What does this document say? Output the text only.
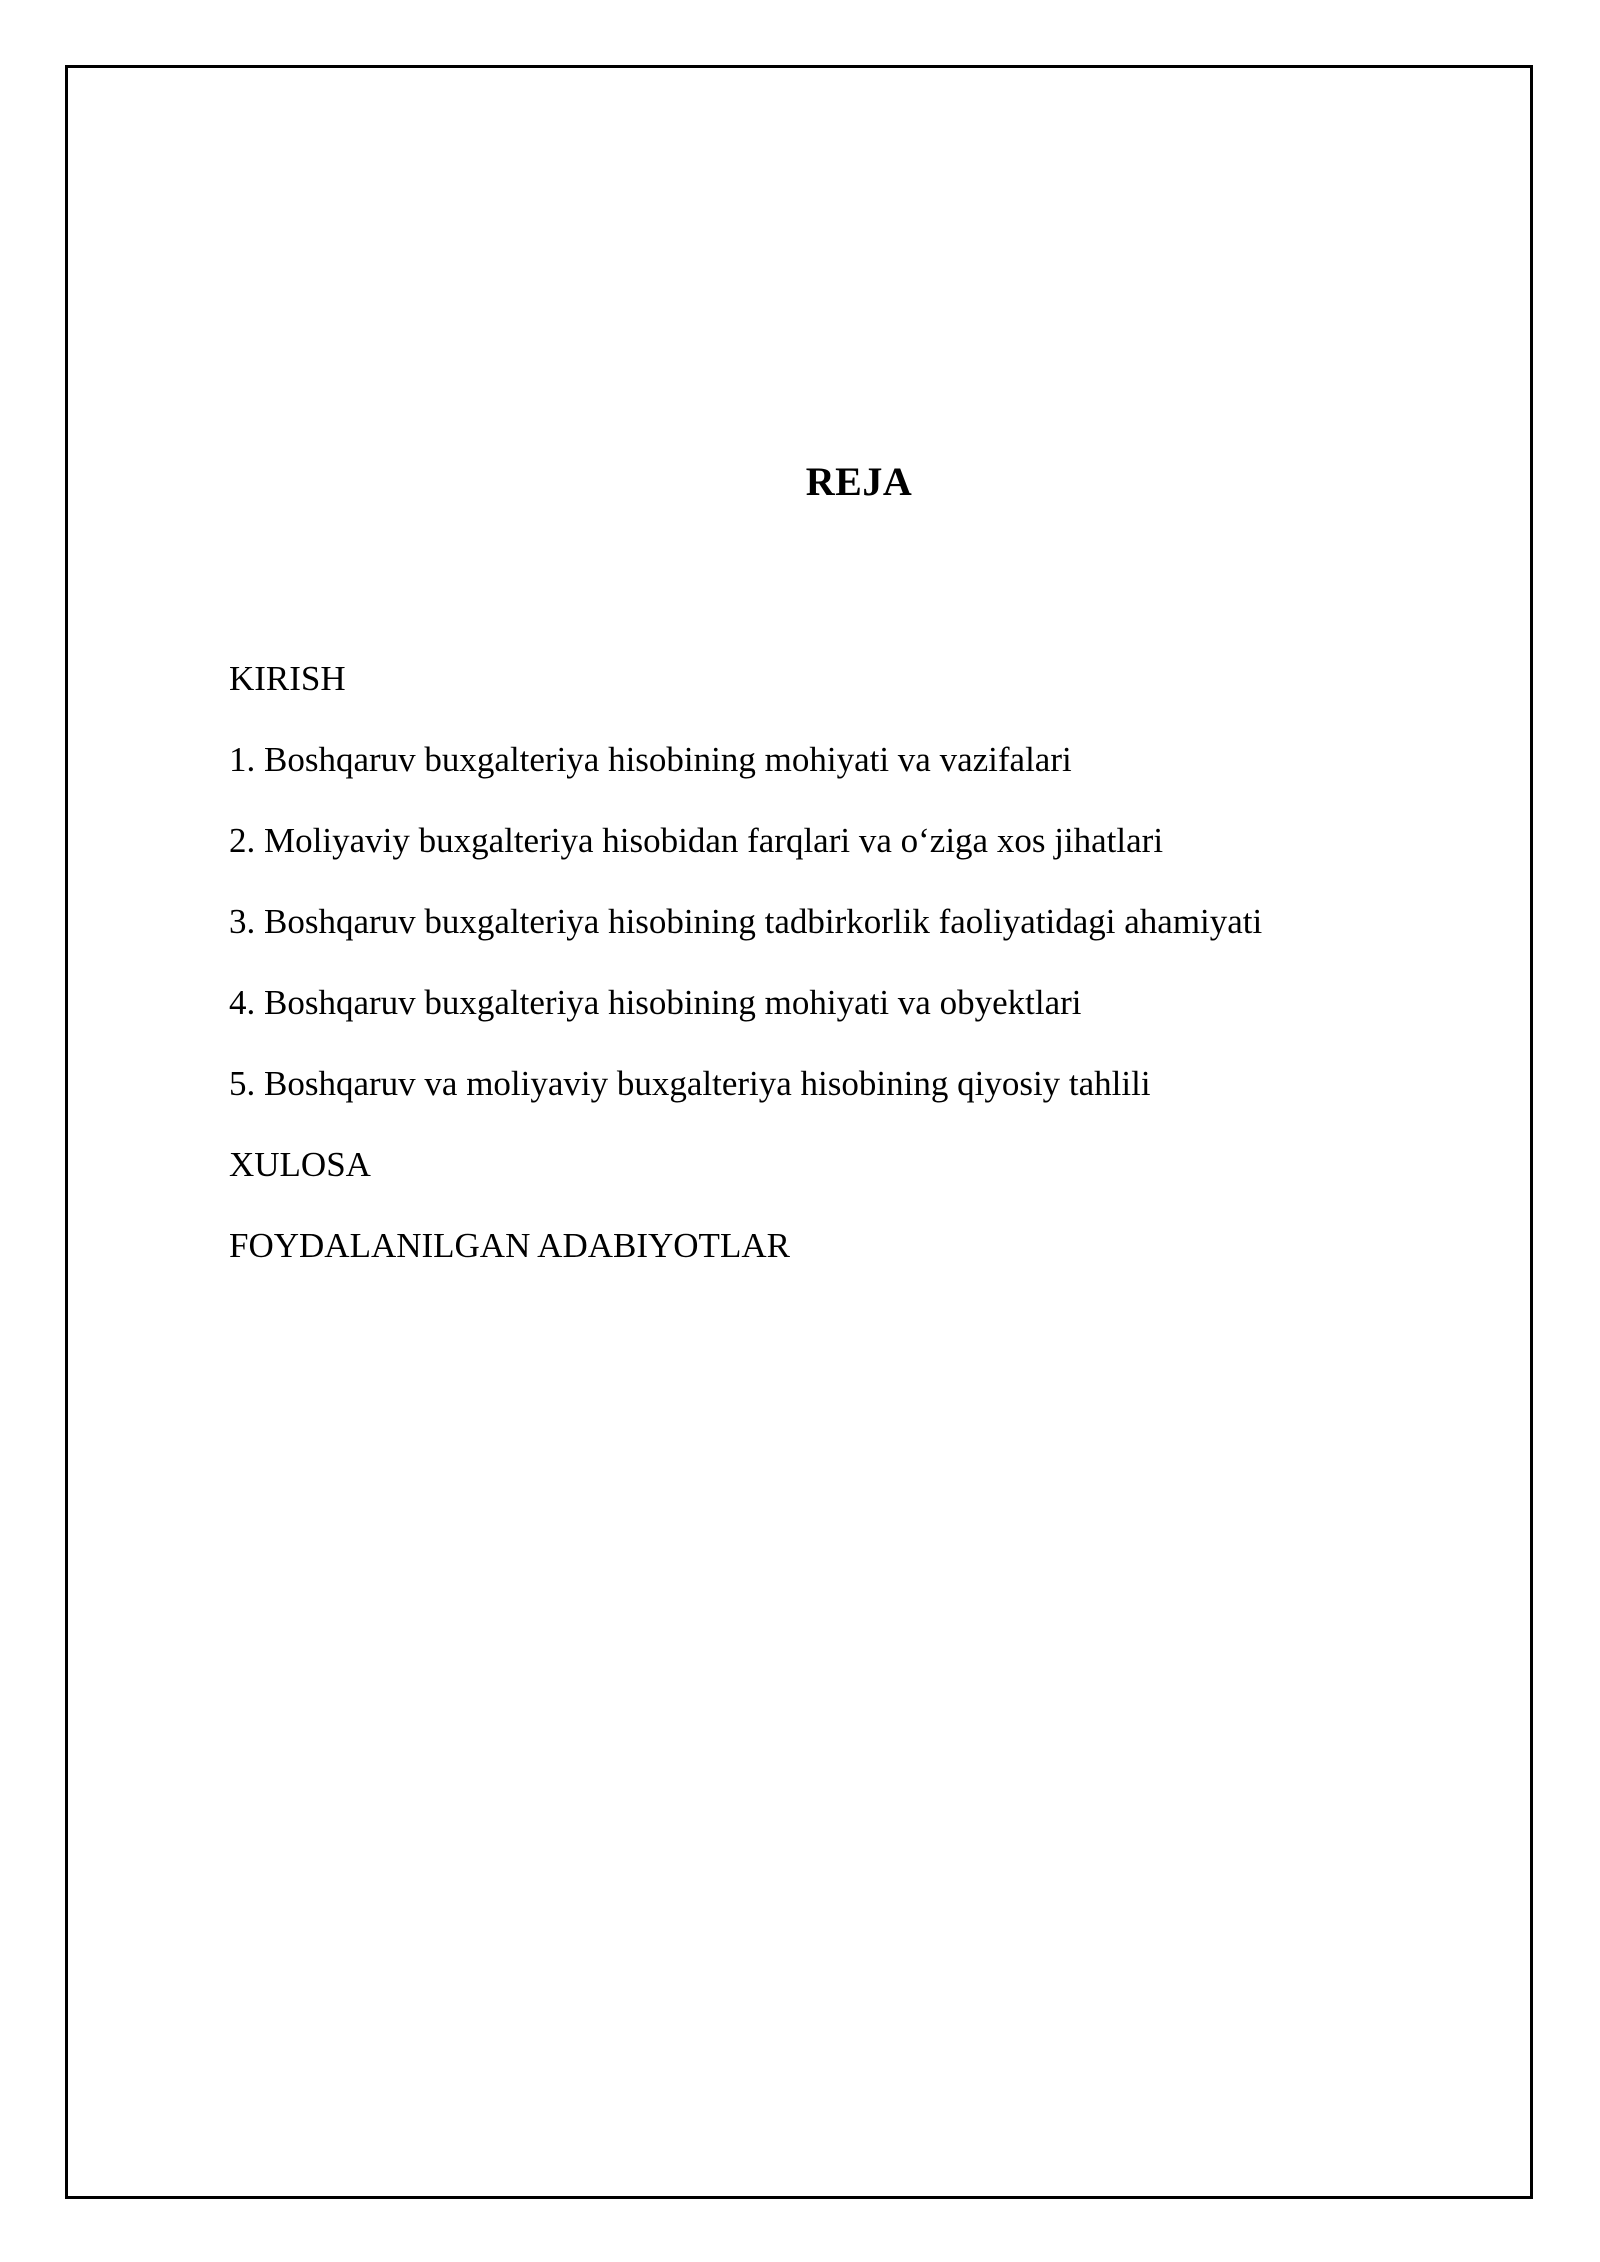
REJA
KIRISH
1. Boshqaruv buxgalteriya hisobining mohiyati va vazifalari
2. Moliyaviy buxgalteriya hisobidan farqlari va o‘ziga xos jihatlari
3. Boshqaruv buxgalteriya hisobining tadbirkorlik faoliyatidagi ahamiyati
4. Boshqaruv buxgalteriya hisobining mohiyati va obyektlari
5. Boshqaruv va moliyaviy buxgalteriya hisobining qiyosiy tahlili
XULOSA
FOYDALANILGAN ADABIYOTLAR
